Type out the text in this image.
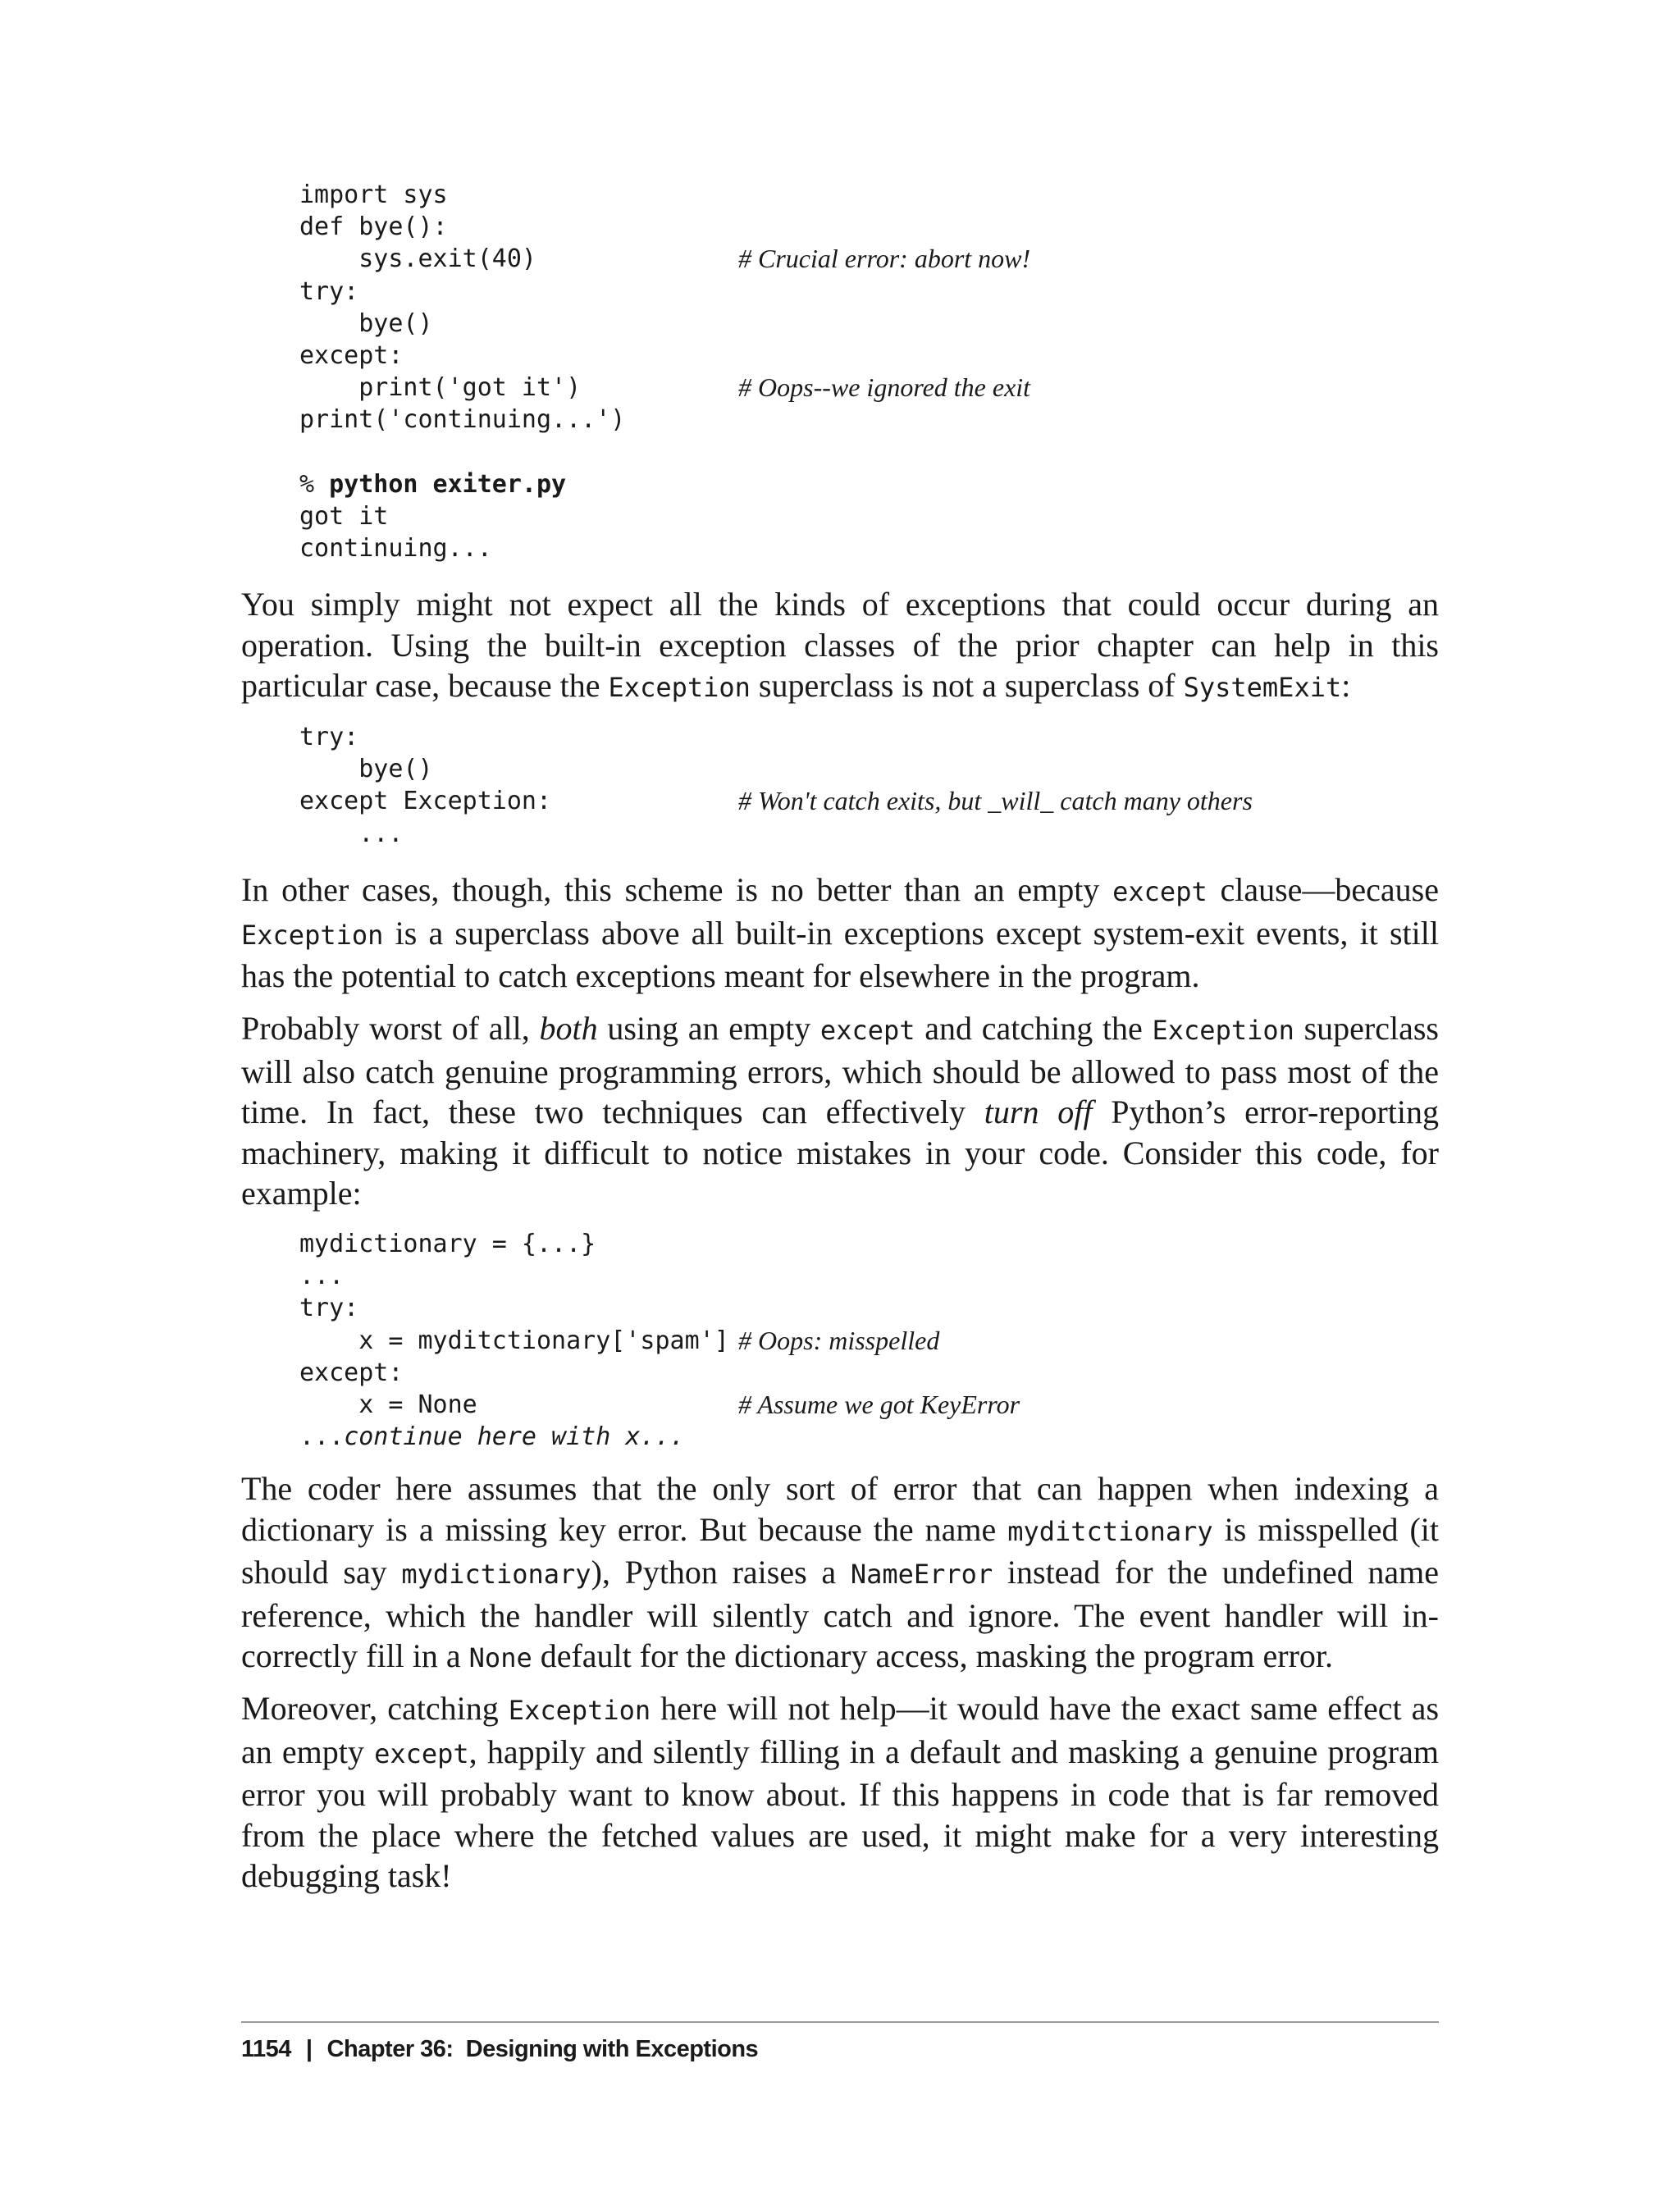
import sys
def bye():
sys.exit(40)	# Crucial error: abort now!
try:
bye()
except:
print('got it')	# Oops--we ignored the exit
print('continuing...')
% python exiter.py
got it
continuing...

You simply might not expect all the kinds of exceptions that could occur during an operation. Using the built-in exception classes of the prior chapter can help in this particular case, because the Exception superclass is not a superclass of SystemExit:

try:
bye()
except Exception:	# Won't catch exits, but _will_ catch many others
...

In other cases, though, this scheme is no better than an empty except clause—because Exception is a superclass above all built-in exceptions except system-exit events, it still has the potential to catch exceptions meant for elsewhere in the program.

Probably worst of all, both using an empty except and catching the Exception superclass will also catch genuine programming errors, which should be allowed to pass most of the time. In fact, these two techniques can effectively turn off Python’s error-reporting machinery, making it difficult to notice mistakes in your code. Consider this code, for example:

mydictionary = {...}
...
try:
x = myditctionary['spam'] # Oops: misspelled
except:
x = None	# Assume we got KeyError
...continue here with x...

The coder here assumes that the only sort of error that can happen when indexing a dictionary is a missing key error. But because the name myditctionary is misspelled (it should say mydictionary), Python raises a NameError instead for the undefined name reference, which the handler will silently catch and ignore. The event handler will incorrectly fill in a None default for the dictionary access, masking the program error.

Moreover, catching Exception here will not help—it would have the exact same effect as an empty except, happily and silently filling in a default and masking a genuine program error you will probably want to know about. If this happens in code that is far removed from the place where the fetched values are used, it might make for a very interesting debugging task!

1154 | Chapter 36:  Designing with Exceptions
